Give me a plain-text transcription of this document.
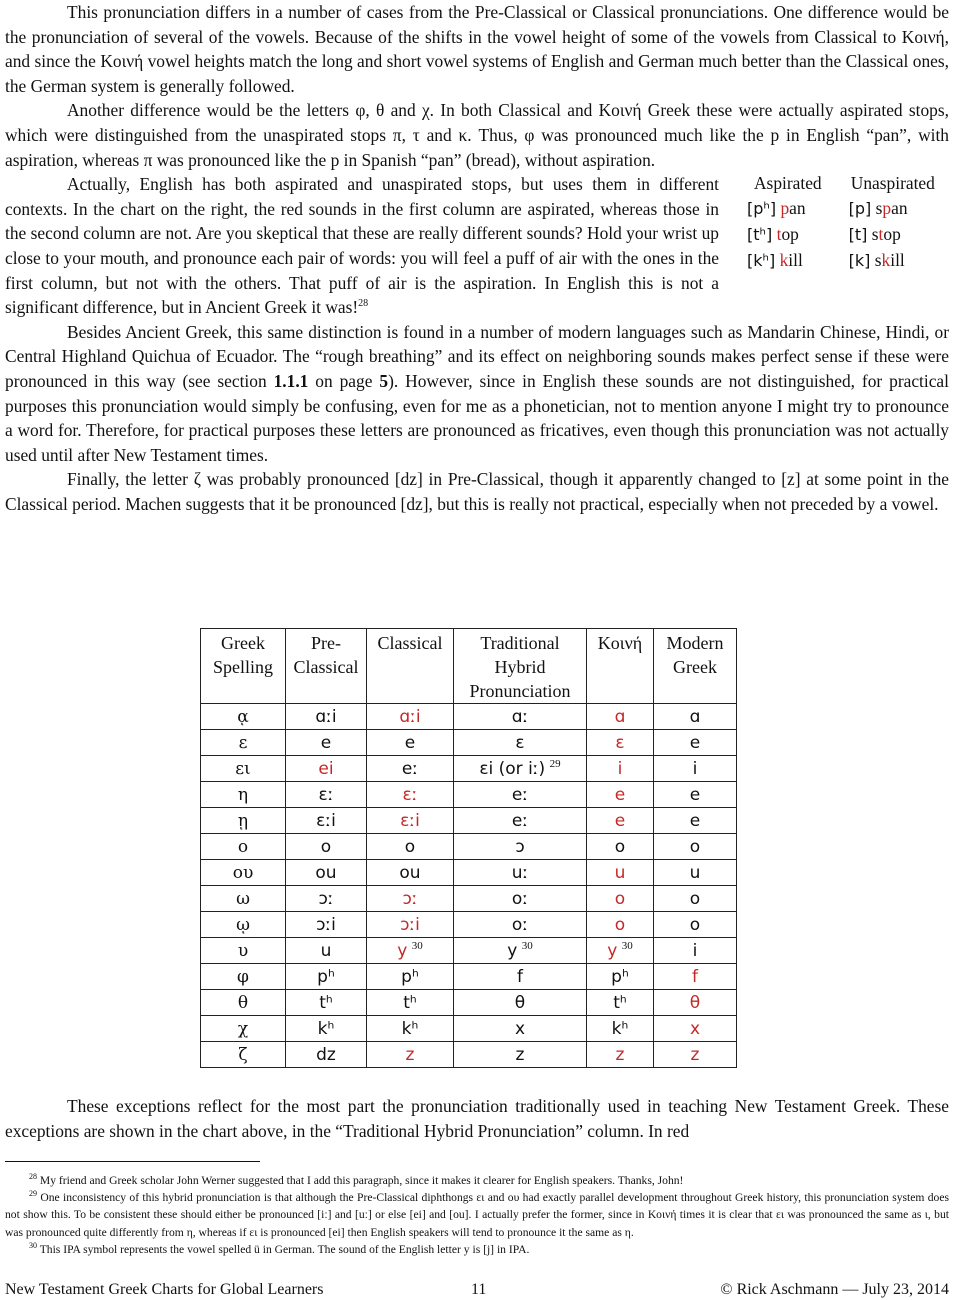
This pronunciation differs in a number of cases from the Pre-Classical or Classical pronunciations. One difference would be the pronunciation of several of the vowels. Because of the shifts in the vowel height of some of the vowels from Classical to Κοινή, and since the Κοινή vowel heights match the long and short vowel systems of English and German much better than the Classical ones, the German system is generally followed.

Another difference would be the letters φ, θ and χ. In both Classical and Κοινή Greek these were actually aspirated stops, which were distinguished from the unaspirated stops π, τ and κ. Thus, φ was pronounced much like the p in English “pan”, with aspiration, whereas π was pronounced like the p in Spanish “pan” (bread), without aspiration.

Aspirated	Unaspirated
[pʰ] pan	[p] span
[tʰ] top	[t] stop
[kʰ] kill	[k] skill

Actually, English has both aspirated and unaspirated stops, but uses them in different contexts. In the chart on the right, the red sounds in the first column are aspirated, whereas those in the second column are not. Are you skeptical that these are really different sounds? Hold your wrist up close to your mouth, and pronounce each pair of words: you will feel a puff of air with the ones in the first column, but not with the others. That puff of air is the aspiration. In English this is not a significant difference, but in Ancient Greek it was!$^{28}$

Besides Ancient Greek, this same distinction is found in a number of modern languages such as Mandarin Chinese, Hindi, or Central Highland Quichua of Ecuador. The “rough breathing” and its effect on neighboring sounds makes perfect sense if these were pronounced in this way (see section 1.1.1 on page 5). However, since in English these sounds are not distinguished, for practical purposes this pronunciation would simply be confusing, even for me as a phonetician, not to mention anyone I might try to pronounce a word for. Therefore, for practical purposes these letters are pronounced as fricatives, even though this pronunciation was not actually used until after New Testament times.

Finally, the letter ζ was probably pronounced [dz] in Pre-Classical, though it apparently changed to [z] at some point in the Classical period. Machen suggests that it be pronounced [dz], but this is really not practical, especially when not preceded by a vowel.

Greek Spelling	Pre-Classical	Classical	Traditional Hybrid Pronunciation	Κοινή	Modern Greek
ᾳ	ɑːi	ɑːi	ɑː	ɑ	ɑ
ε	e	e	ɛ	ɛ	e
ει	ei	eː	ɛi (or iː) $^{29}$	i	i
η	ɛː	ɛː	eː	e	e
ῃ	ɛːi	ɛːi	eː	e	e
ο	o	o	ɔ	o	o
ου	ou	ou	uː	u	u
ω	ɔː	ɔː	oː	o	o
ῳ	ɔːi	ɔːi	oː	o	o
υ	u	y $^{30}$	y $^{30}$	y $^{30}$	i
φ	pʰ	pʰ	f	pʰ	f
θ	tʰ	tʰ	θ	tʰ	θ
χ	kʰ	kʰ	x	kʰ	x
ζ	dz	z	z	z	z

These exceptions reflect for the most part the pronunciation traditionally used in teaching New Testament Greek. These exceptions are shown in the chart above, in the “Traditional Hybrid Pronunciation” column. In red

$^{28}$ My friend and Greek scholar John Werner suggested that I add this paragraph, since it makes it clearer for English speakers. Thanks, John!

$^{29}$ One inconsistency of this hybrid pronunciation is that although the Pre-Classical diphthongs ει and ου had exactly parallel development throughout Greek history, this pronunciation system does not show this. To be consistent these should either be pronounced [iː] and [uː] or else [ei] and [ou]. I actually prefer the former, since in Κοινή times it is clear that ει was pronounced the same as ι, but was pronounced quite differently from η, whereas if ει is pronounced [ei] then English speakers will tend to pronounce it the same as η.

$^{30}$ This IPA symbol represents the vowel spelled ü in German. The sound of the English letter y is [j] in IPA.

New Testament Greek Charts for Global Learners	11	© Rick Aschmann — July 23, 2014
